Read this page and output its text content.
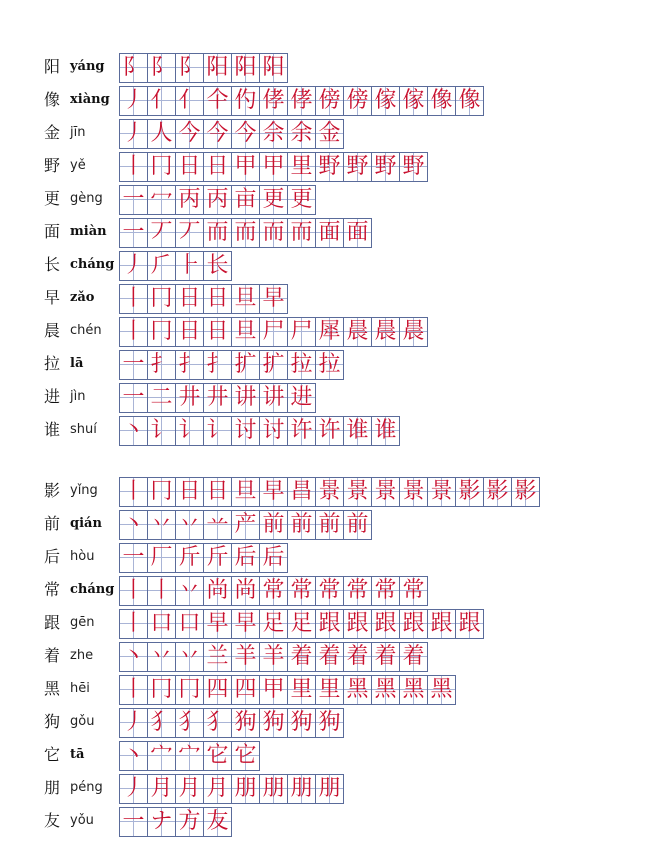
阳 yáng ⻖ 阝 阝 阳 阳 阳
像 xiàng 丿 亻 亻 仐 仢 侾 侾 傍 傍 傢 傢 像 像
金 jīn 丿 人 今 今 今 佘 余 金
野 yě 丨 冂 日 日 甲 甲 里 野 野 野 野
更 gèng 一 冖 丙 丙 亩 更 更
面 miàn 一 丆 丆 而 而 而 而 面 面
长 cháng 丿 ⺁ ⺊ 长
早 zǎo 丨 冂 日 日 旦 早
晨 chén 丨 冂 日 日 旦 尸 尸 犀 晨 晨 晨
拉 lā 一 扌 扌 扌 扩 扩 拉 拉
进 jìn 一 二 井 井 讲 讲 进
谁 shuí 丶 讠 讠 讠 讨 讨 许 许 谁 谁
影 yǐng 丨 冂 日 日 旦 早 昌 景 景 景 景 景 影 影 影
前 qián 丶 丷 丷 䒑 产 前 前 前 前
后 hòu 一 厂 斤 斤 后 后
常 cháng 丨 丨 丷 尚 尚 常 常 常 常 常 常
跟 gēn 丨 口 口 早 早 足 足 跟 跟 跟 跟 跟 跟
着 zhe 丶 丷 丷 兰 羊 羊 着 着 着 着 着
黑 hēi 丨 冂 冂 四 四 甲 里 里 黑 黑 黑 黑
狗 gǒu 丿 犭 犭 犭 狗 狗 狗 狗
它 tā 丶 宀 宀 它 它
朋 péng 丿 月 月 月 朋 朋 朋 朋
友 yǒu 一 ナ 方 友
